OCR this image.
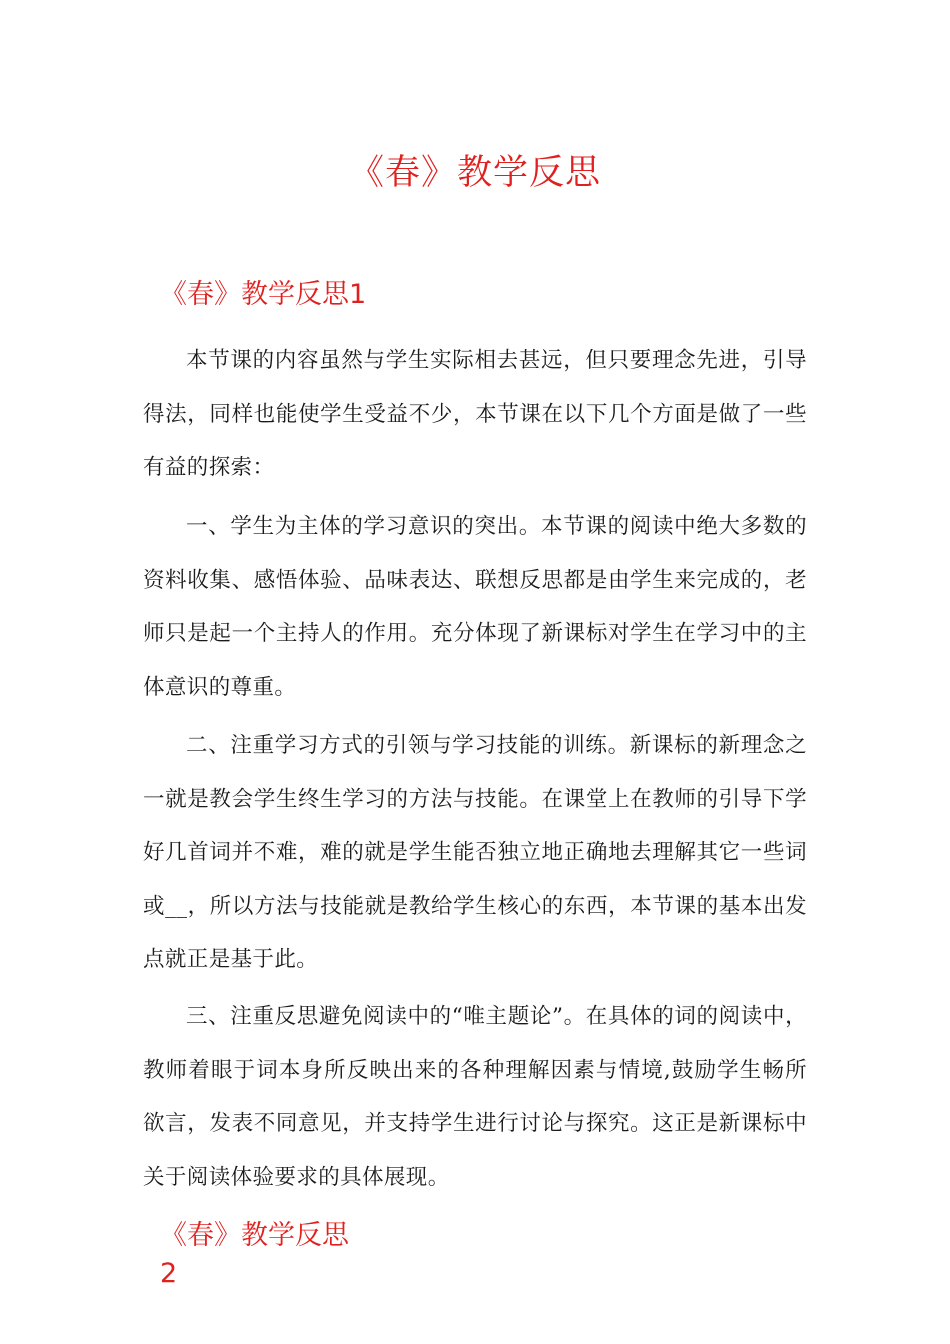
《春》教学反思
《春》教学反思1

本节课的内容虽然与学生实际相去甚远，但只要理念先进，引导得法，同样也能使学生受益不少，本节课在以下几个方面是做了一些有益的探索：

一、学生为主体的学习意识的突出。本节课的阅读中绝大多数的资料收集、感悟体验、品味表达、联想反思都是由学生来完成的，老师只是起一个主持人的作用。充分体现了新课标对学生在学习中的主体意识的尊重。

二、注重学习方式的引领与学习技能的训练。新课标的新理念之一就是教会学生终生学习的方法与技能。在课堂上在教师的引导下学好几首词并不难，难的就是学生能否独立地正确地去理解其它一些词或__，所以方法与技能就是教给学生核心的东西，本节课的基本出发点就正是基于此。

三、注重反思避免阅读中的“唯主题论”。在具体的词的阅读中，教师着眼于词本身所反映出来的各种理解因素与情境,鼓励学生畅所欲言，发表不同意见，并支持学生进行讨论与探究。这正是新课标中关于阅读体验要求的具体展现。

《春》教学反思2
